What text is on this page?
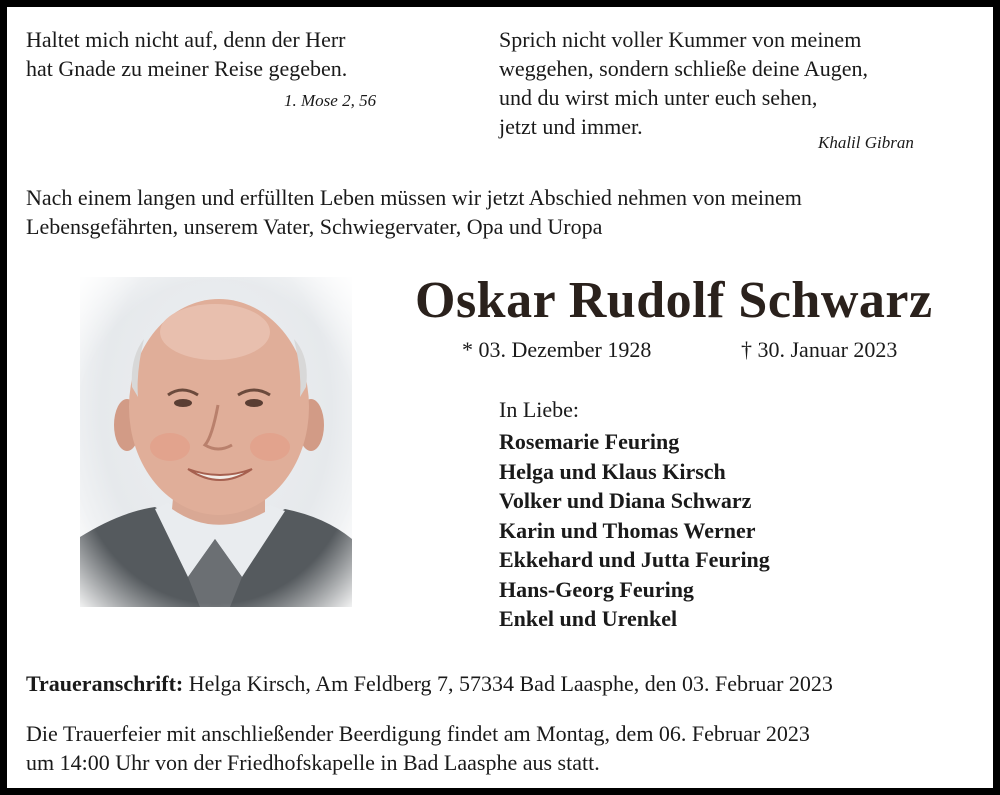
Haltet mich nicht auf, denn der Herr
hat Gnade zu meiner Reise gegeben.
1. Mose 2, 56
Sprich nicht voller Kummer von meinem
weggehen, sondern schließe deine Augen,
und du wirst mich unter euch sehen,
jetzt und immer.
Khalil Gibran
Nach einem langen und erfüllten Leben müssen wir jetzt Abschied nehmen von meinem
Lebensgefährten, unserem Vater, Schwiegervater, Opa und Uropa
Oskar Rudolf Schwarz
* 03. Dezember 1928	† 30. Januar 2023
In Liebe:
Rosemarie Feuring
Helga und Klaus Kirsch
Volker und Diana Schwarz
Karin und Thomas Werner
Ekkehard und Jutta Feuring
Hans-Georg Feuring
Enkel und Urenkel
Traueranschrift: Helga Kirsch, Am Feldberg 7, 57334 Bad Laasphe, den 03. Februar 2023
Die Trauerfeier mit anschließender Beerdigung findet am Montag, dem 06. Februar 2023
um 14:00 Uhr von der Friedhofskapelle in Bad Laasphe aus statt.
